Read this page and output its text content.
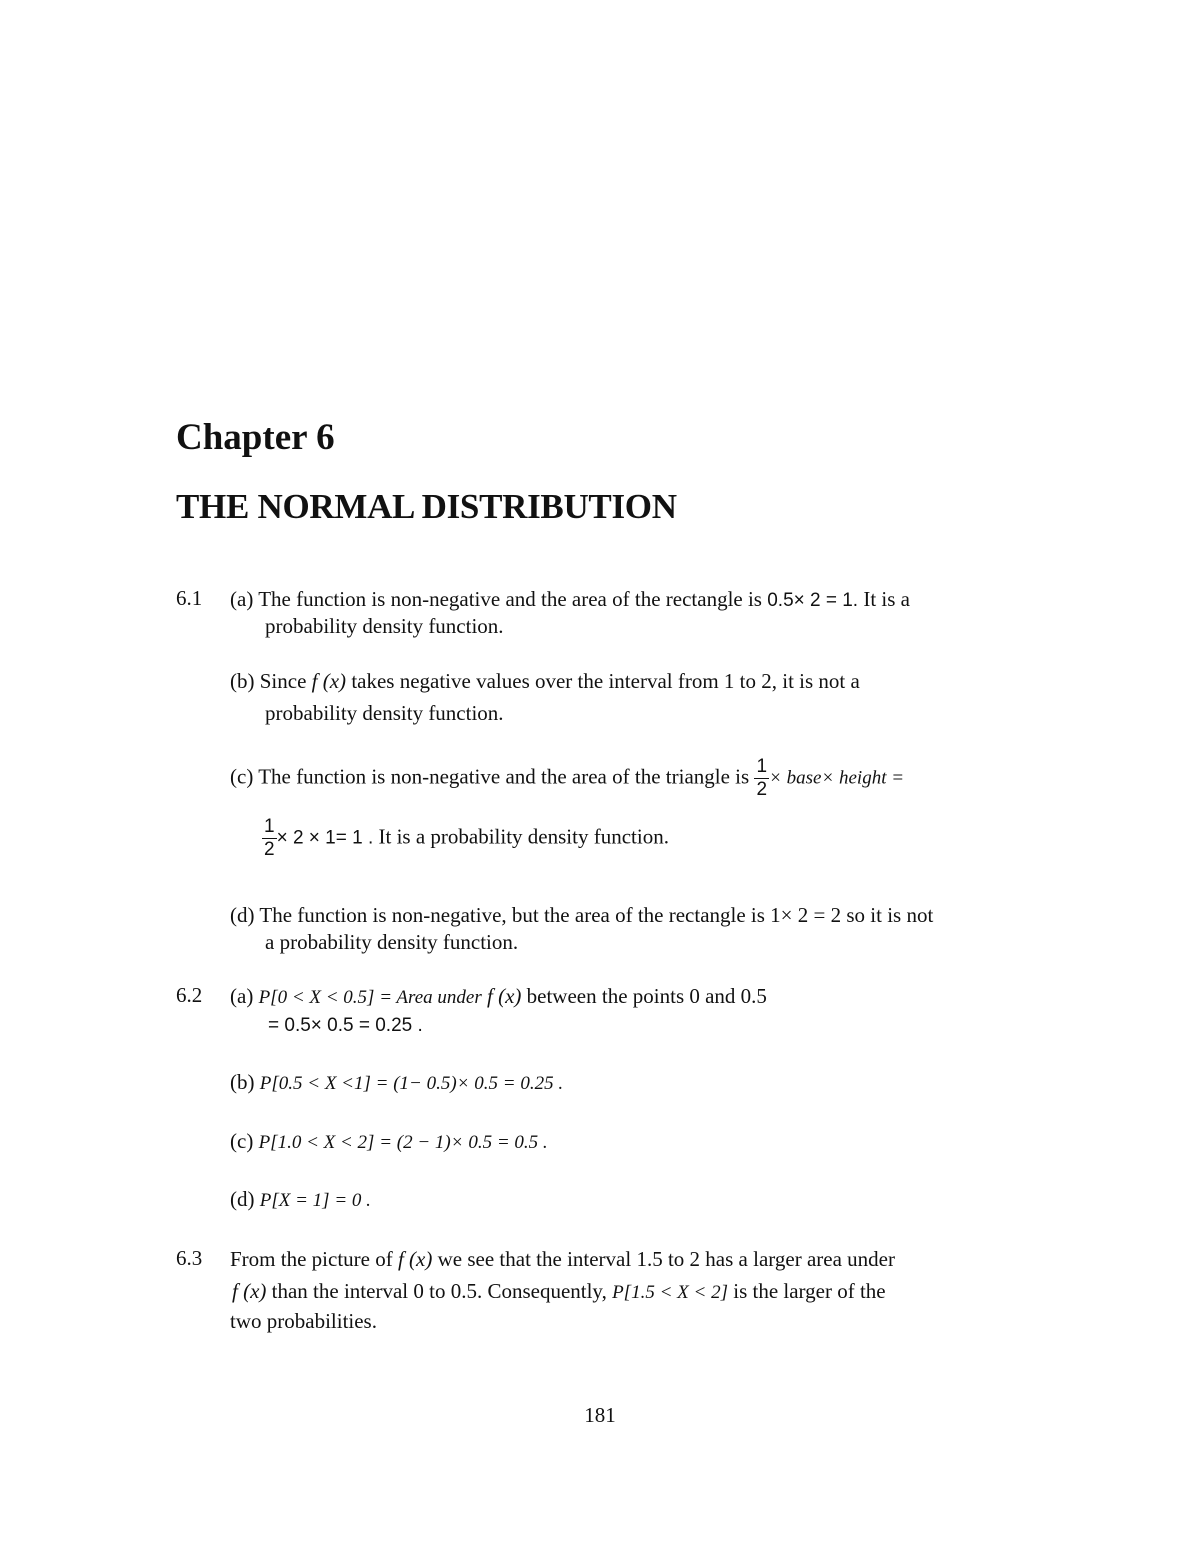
Chapter 6
THE NORMAL DISTRIBUTION
6.1 (a) The function is non-negative and the area of the rectangle is 0.5× 2 = 1. It is a
probability density function.
(b) Since f (x) takes negative values over the interval from 1 to 2, it is not a
probability density function.
(c) The function is non-negative and the area of the triangle is $\frac{1}{2}$ × base× height =
$\frac{1}{2} \times 2 \times 1= 1$ . It is a probability density function.
(d) The function is non-negative, but the area of the rectangle is 1× 2 = 2 so it is not
a probability density function.
6.2 (a) P[0 < X < 0.5] = Area under f (x) between the points 0 and 0.5
= 0.5× 0.5 = 0.25 .
(b) P[0.5 < X <1] = (1− 0.5)× 0.5 = 0.25 .
(c) P[1.0 < X < 2] = (2 − 1)× 0.5 = 0.5 .
(d) P[X = 1] = 0 .
6.3 From the picture of f (x) we see that the interval 1.5 to 2 has a larger area under
f (x) than the interval 0 to 0.5. Consequently, P[1.5 < X < 2] is the larger of the
two probabilities.
181
